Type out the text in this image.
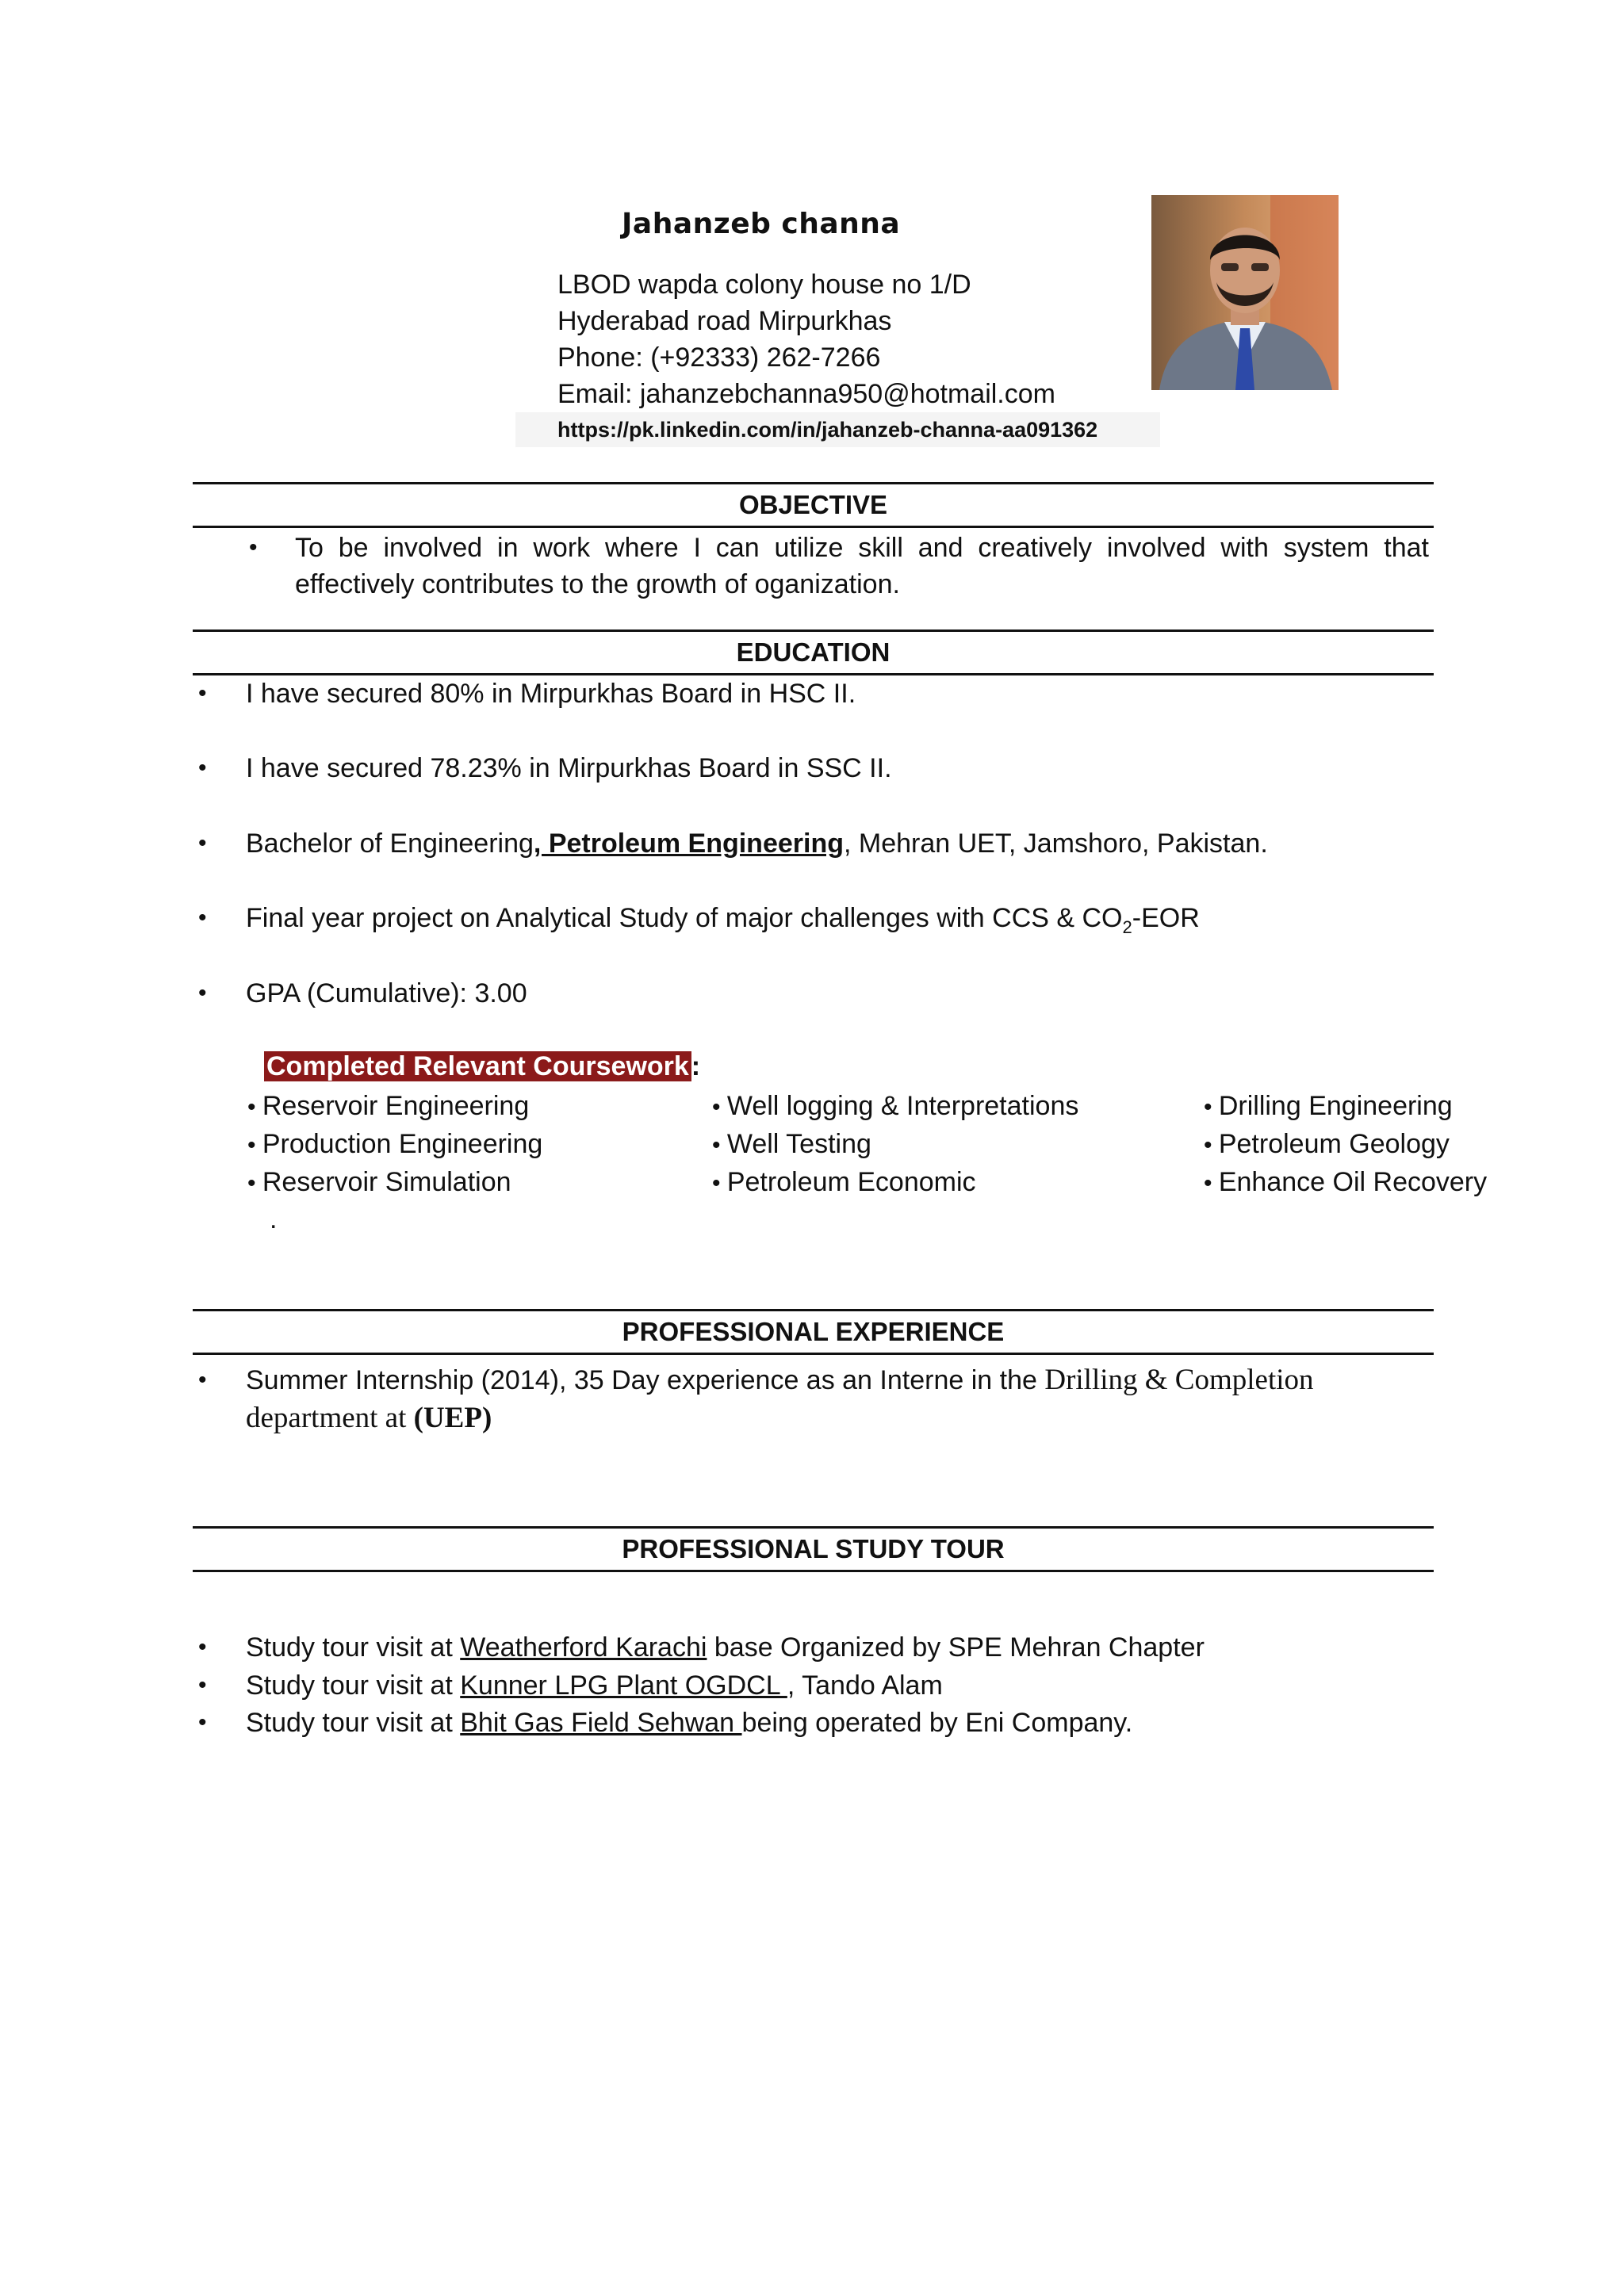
Jahanzeb channa
LBOD wapda colony house no 1/D
Hyderabad road Mirpurkhas
Phone: (+92333) 262-7266
Email: jahanzebchanna950@hotmail.com
https://pk.linkedin.com/in/jahanzeb-channa-aa091362
OBJECTIVE
• To be involved in work where I can utilize skill and creatively involved with system that effectively contributes to the growth of oganization.
EDUCATION
• I have secured 80% in Mirpurkhas Board in HSC II.
• I have secured 78.23% in Mirpurkhas Board in SSC II.
• Bachelor of Engineering, Petroleum Engineering, Mehran UET, Jamshoro, Pakistan.
• Final year project on Analytical Study of major challenges with CCS & $CO_2$-EOR
• GPA (Cumulative): 3.00
Completed Relevant Coursework:
• Reservoir Engineering
• Production Engineering
• Reservoir Simulation
• Well logging & Interpretations
• Well Testing
• Petroleum Economic
• Drilling Engineering
• Petroleum Geology
• Enhance Oil Recovery
.
PROFESSIONAL EXPERIENCE
• Summer Internship (2014), 35 Day experience as an Interne in the Drilling & Completion
department at (UEP)
PROFESSIONAL STUDY TOUR
• Study tour visit at Weatherford Karachi base Organized by SPE Mehran Chapter
• Study tour visit at Kunner LPG Plant OGDCL , Tando Alam
• Study tour visit at Bhit Gas Field Sehwan being operated by Eni Company.
